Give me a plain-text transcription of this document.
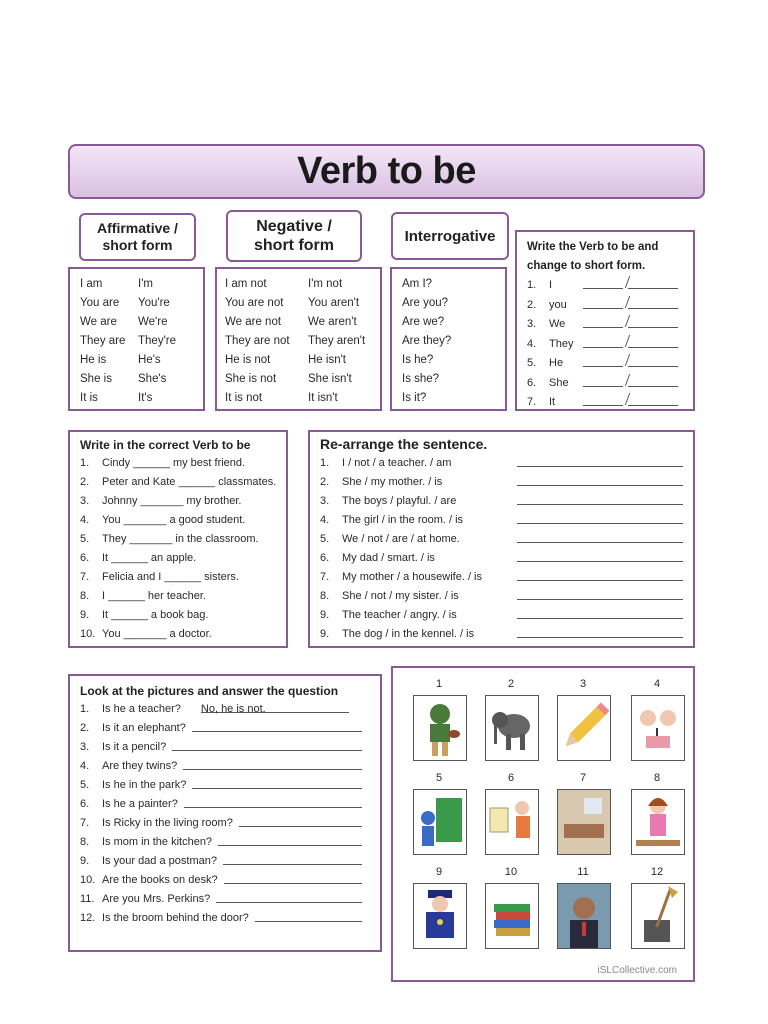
Verb to be
Affirmative / short form
Negative / short form
Interrogative
I am	I'm
You are	You're
We are	We're
They are	They're
He is	He's
She is	She's
It is	It's
I am not	I'm not
You are not	You aren't
We are not	We aren't
They are not	They aren't
He is not	He isn't
She is not	She isn't
It is not	It isn't
Am I?
Are you?
Are we?
Are they?
Is he?
Is she?
Is it?
Write the Verb to be and change to short form.
1.	I
2.	you
3.	We
4.	They
5.	He
6.	She
7.	It
Write in the correct Verb to be
1.	Cindy ______ my best friend.
2.	Peter and Kate ______ classmates.
3.	Johnny _______ my brother.
4.	You _______ a good student.
5.	They _______ in the classroom.
6.	It ______ an apple.
7.	Felicia and I ______ sisters.
8.	I ______ her teacher.
9.	It ______ a book bag.
10. You _______ a doctor.
Re-arrange the sentence.
1.	I / not / a teacher. / am
2.	She / my mother. / is
3.	The boys / playful. / are
4.	The girl / in the room. / is
5.	We / not / are / at home.
6.	My dad / smart. / is
7.	My mother / a housewife. / is
8.	She / not / my sister. / is
9.	The teacher / angry. / is
9.	The dog / in the kennel. / is
Look at the pictures and answer the question
1.	Is he a teacher? No, he is not.
2.	Is it an elephant?
3.	Is it a pencil?
4.	Are they twins?
5.	Is he in the park?
6.	Is he a painter?
7.	Is Ricky in the living room?
8.	Is mom in the kitchen?
9.	Is your dad a postman?
10. Are the books on desk?
11. Are you Mrs. Perkins?
12. Is the broom behind the door?
iSLCollective.com
1	2	3	4
5	6	7	8
9	10	11	12
